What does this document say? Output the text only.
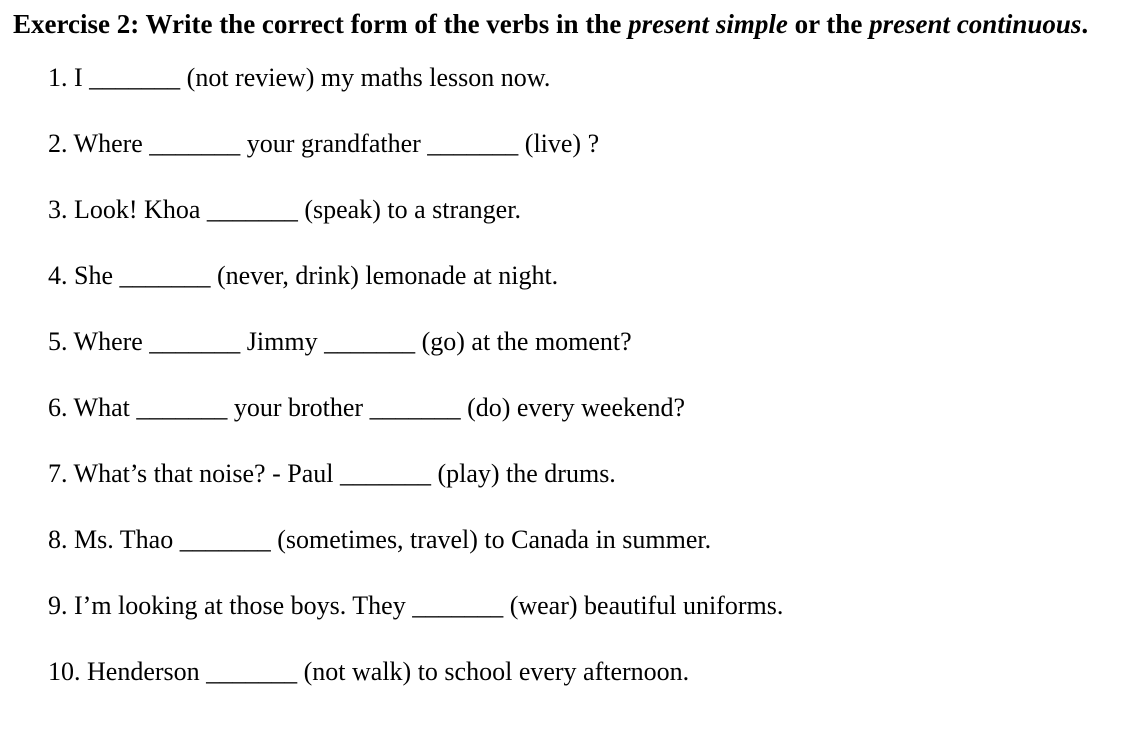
Exercise 2: Write the correct form of the verbs in the present simple or the present continuous.

1. I _______ (not review) my maths lesson now.
2. Where _______ your grandfather _______ (live) ?
3. Look! Khoa _______ (speak) to a stranger.
4. She _______ (never, drink) lemonade at night.
5. Where _______ Jimmy _______ (go) at the moment?
6. What _______ your brother _______ (do) every weekend?
7. What’s that noise? - Paul _______ (play) the drums.
8. Ms. Thao _______ (sometimes, travel) to Canada in summer.
9. I’m looking at those boys. They _______ (wear) beautiful uniforms.
10. Henderson _______ (not walk) to school every afternoon.
